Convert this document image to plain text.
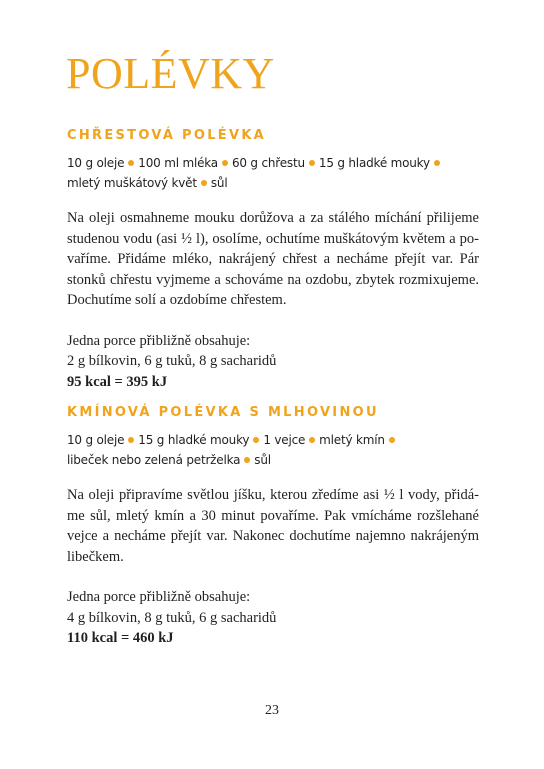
POLÉVKY
CHŘESTOVÁ POLÉVKA
10 g oleje 100 ml mléka 60 g chřestu 15 g hladké mouky
mletý muškátový květ sůl
Na oleji osmahneme mouku dorůžova a za stálého míchání přilijeme
studenou vodu (asi ½ l), osolíme, ochutíme muškátovým květem a po-
vaříme. Přidáme mléko, nakrájený chřest a necháme přejít var. Pár
stonků chřestu vyjmeme a schováme na ozdobu, zbytek rozmixujeme.
Dochutíme solí a ozdobíme chřestem.
Jedna porce přibližně obsahuje:
2 g bílkovin, 6 g tuků, 8 g sacharidů
95 kcal = 395 kJ
KMÍNOVÁ POLÉVKA S MLHOVINOU
10 g oleje 15 g hladké mouky 1 vejce mletý kmín
libeček nebo zelená petrželka sůl
Na oleji připravíme světlou jíšku, kterou zředíme asi ½ l vody, přidá-
me sůl, mletý kmín a 30 minut povaříme. Pak vmícháme rozšlehané
vejce a necháme přejít var. Nakonec dochutíme najemno nakrájeným
libečkem.
Jedna porce přibližně obsahuje:
4 g bílkovin, 8 g tuků, 6 g sacharidů
110 kcal = 460 kJ
23
